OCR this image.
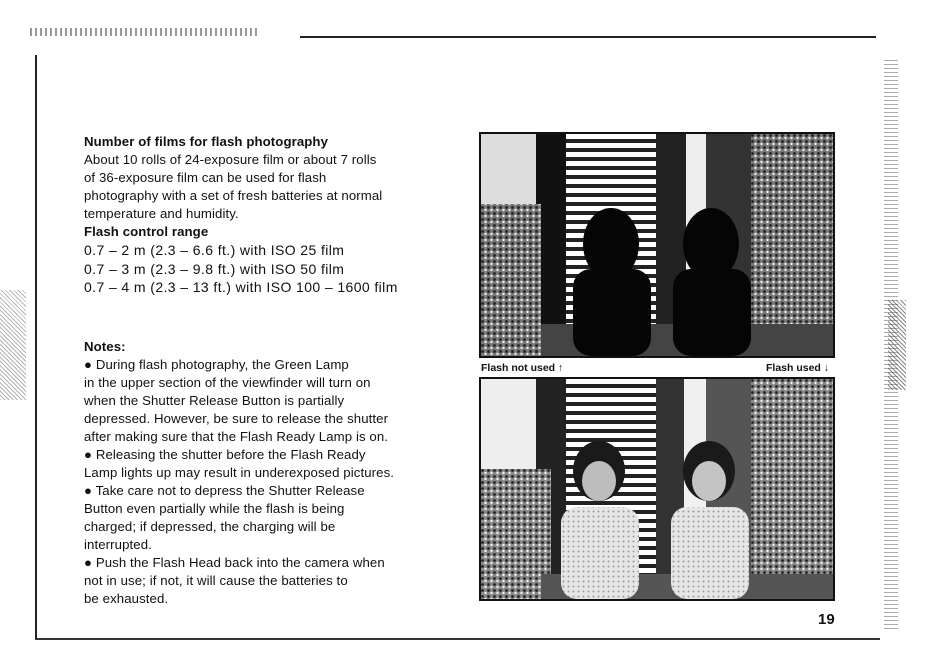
Number of films for flash photography

About 10 rolls of 24-exposure film or about 7 rolls

of 36-exposure film can be used for flash

photography with a set of fresh batteries at normal

temperature and humidity.

Flash control range

0.7 – 2 m (2.3 – 6.6 ft.) with ISO 25 film

0.7 – 3 m (2.3 – 9.8 ft.) with ISO 50 film

0.7 – 4 m (2.3 – 13 ft.) with ISO 100 – 1600 film

Notes:

● During flash photography, the Green Lamp

in the upper section of the viewfinder will turn on

when the Shutter Release Button is partially

depressed. However, be sure to release the shutter

after making sure that the Flash Ready Lamp is on.

● Releasing the shutter before the Flash Ready

Lamp lights up may result in underexposed pictures.

● Take care not to depress the Shutter Release

Button even partially while the flash is being

charged; if depressed, the charging will be

interrupted.

● Push the Flash Head back into the camera when

not in use; if not, it will cause the batteries to

be exhausted.

Flash not used ↑	Flash used ↓
19
